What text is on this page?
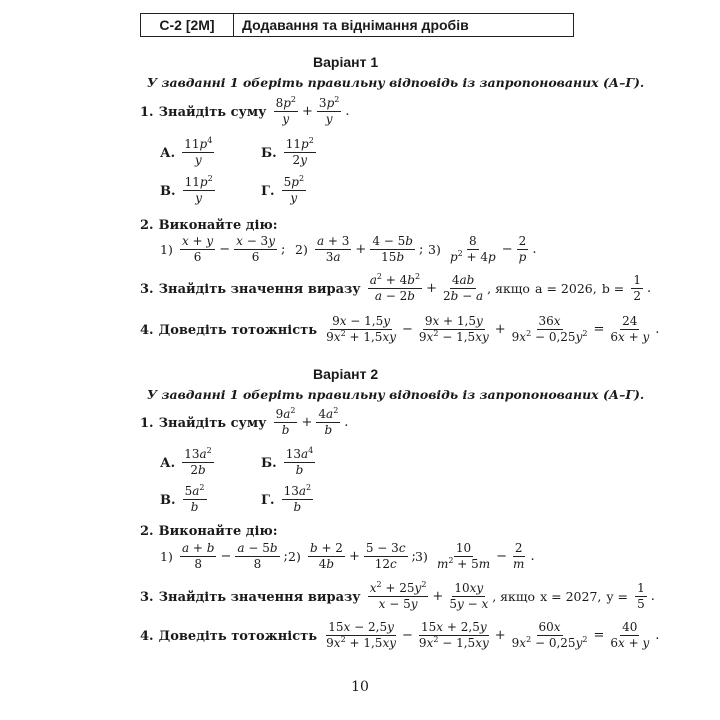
С-2 [2М]	Додавання та віднімання дробів
Варіант 1
У завданні 1 оберіть правильну відповідь із запропонованих (А–Г).
1. Знайдіть суму $\frac{8p^2}{y} + \frac{3p^2}{y}$ .
А. $\frac{11p^4}{y}$	Б. $\frac{11p^2}{2y}$
В. $\frac{11p^2}{y}$	Г. $\frac{5p^2}{y}$
2. Виконайте дію:
$1) \frac{x + y}{6} - \frac{x - 3y}{6}$ ; $2) \frac{a + 3}{3a} + \frac{4 - 5b}{15b}$ ; $3) \frac{8}{p^2 + 4p} - \frac{2}{p}$ .
3. Знайдіть значення виразу $\frac{a^2 + 4b^2}{a - 2b} + \frac{4ab}{2b - a}$ , якщо a = 2026, $b = \frac{1}{2}$ .
4. Доведіть тотожність $\frac{9x - 1,5y}{9x^2 + 1,5xy} - \frac{9x + 1,5y}{9x^2 - 1,5xy} + \frac{36x}{9x^2 - 0,25y^2} = \frac{24}{6x + y}$ .
Варіант 2
У завданні 1 оберіть правильну відповідь із запропонованих (А–Г).
1. Знайдіть суму $\frac{9a^2}{b} + \frac{4a^2}{b}$ .
А. $\frac{13a^2}{2b}$	Б. $\frac{13a^4}{b}$
В. $\frac{5a^2}{b}$	Г. $\frac{13a^2}{b}$
2. Виконайте дію:
$1) \frac{a + b}{8} - \frac{a - 5b}{8}$ ; $2) \frac{b + 2}{4b} + \frac{5 - 3c}{12c}$ ; $3) \frac{10}{m^2 + 5m} - \frac{2}{m}$ .
3. Знайдіть значення виразу $\frac{x^2 + 25y^2}{x - 5y} + \frac{10xy}{5y - x}$ , якщо x = 2027, $y = \frac{1}{5}$ .
4. Доведіть тотожність $\frac{15x - 2,5y}{9x^2 + 1,5xy} - \frac{15x + 2,5y}{9x^2 - 1,5xy} + \frac{60x}{9x^2 - 0,25y^2} = \frac{40}{6x + y}$ .
10
